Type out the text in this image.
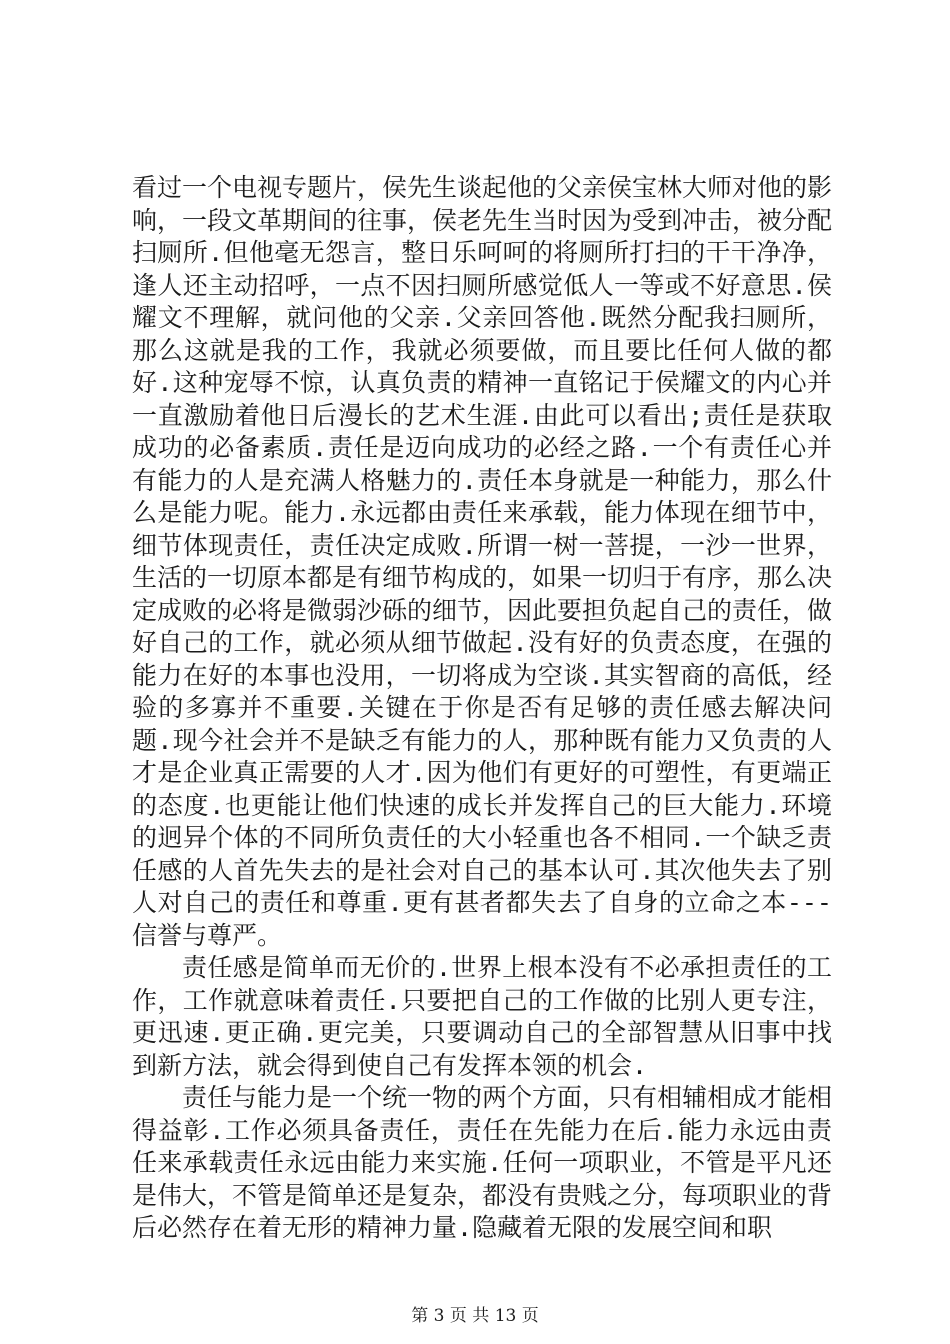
看过一个电视专题片，侯先生谈起他的父亲侯宝林大师对他的影响，一段文革期间的往事，侯老先生当时因为受到冲击，被分配扫厕所.但他毫无怨言，整日乐呵呵的将厕所打扫的干干净净，逢人还主动招呼，一点不因扫厕所感觉低人一等或不好意思.侯耀文不理解，就问他的父亲.父亲回答他.既然分配我扫厕所，那么这就是我的工作，我就必须要做，而且要比任何人做的都好.这种宠辱不惊，认真负责的精神一直铭记于侯耀文的内心并一直激励着他日后漫长的艺术生涯.由此可以看出;责任是获取成功的必备素质.责任是迈向成功的必经之路.一个有责任心并有能力的人是充满人格魅力的.责任本身就是一种能力，那么什么是能力呢。能力.永远都由责任来承载，能力体现在细节中，细节体现责任，责任决定成败.所谓一树一菩提，一沙一世界，生活的一切原本都是有细节构成的，如果一切归于有序，那么决定成败的必将是微弱沙砾的细节，因此要担负起自己的责任，做好自己的工作，就必须从细节做起.没有好的负责态度，在强的能力在好的本事也没用，一切将成为空谈.其实智商的高低，经验的多寡并不重要.关键在于你是否有足够的责任感去解决问题.现今社会并不是缺乏有能力的人，那种既有能力又负责的人才是企业真正需要的人才.因为他们有更好的可塑性，有更端正的态度.也更能让他们快速的成长并发挥自己的巨大能力.环境的迥异个体的不同所负责任的大小轻重也各不相同.一个缺乏责任感的人首先失去的是社会对自己的基本认可.其次他失去了别人对自己的责任和尊重.更有甚者都失去了自身的立命之本---信誉与尊严。

责任感是简单而无价的.世界上根本没有不必承担责任的工作，工作就意味着责任.只要把自己的工作做的比别人更专注，更迅速.更正确.更完美，只要调动自己的全部智慧从旧事中找到新方法，就会得到使自己有发挥本领的机会.

责任与能力是一个统一物的两个方面，只有相辅相成才能相得益彰.工作必须具备责任，责任在先能力在后.能力永远由责任来承载责任永远由能力来实施.任何一项职业，不管是平凡还是伟大，不管是简单还是复杂，都没有贵贱之分，每项职业的背后必然存在着无形的精神力量.隐藏着无限的发展空间和职

第 3 页 共 13 页
